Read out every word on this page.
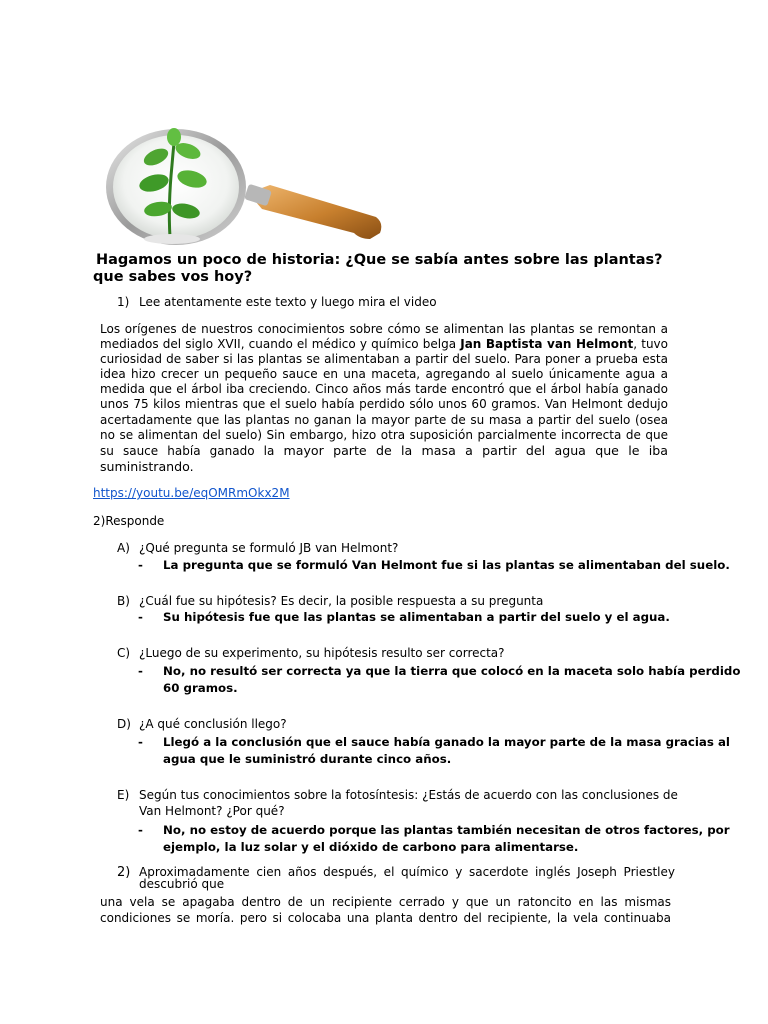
Hagamos un poco de historia: ¿Que se sabía antes sobre las plantas?
que sabes vos hoy?
1) Lee atentamente este texto y luego mira el video

Los orígenes de nuestros conocimientos sobre cómo se alimentan las plantas se remontan a mediados del siglo XVII, cuando el médico y químico belga Jan Baptista van Helmont, tuvo curiosidad de saber si las plantas se alimentaban a partir del suelo. Para poner a prueba esta idea hizo crecer un pequeño sauce en una maceta, agregando al suelo únicamente agua a medida que el árbol iba creciendo. Cinco años más tarde encontró que el árbol había ganado unos 75 kilos mientras que el suelo había perdido sólo unos 60 gramos. Van Helmont dedujo acertadamente que las plantas no ganan la mayor parte de su masa a partir del suelo (osea no se alimentan del suelo) Sin embargo, hizo otra suposición parcialmente incorrecta de que su sauce había ganado la mayor parte de la masa a partir del agua que le iba suministrando.

https://youtu.be/eqOMRmOkx2M
2)Responde
A) ¿Qué pregunta se formuló JB van Helmont?
- La pregunta que se formuló Van Helmont fue si las plantas se alimentaban del suelo.
B) ¿Cuál fue su hipótesis? Es decir, la posible respuesta a su pregunta
- Su hipótesis fue que las plantas se alimentaban a partir del suelo y el agua.
C) ¿Luego de su experimento, su hipótesis resulto ser correcta?
- No, no resultó ser correcta ya que la tierra que colocó en la maceta solo había perdido
60 gramos.
D) ¿A qué conclusión llego?
- Llegó a la conclusión que el sauce había ganado la mayor parte de la masa gracias al
agua que le suministró durante cinco años.
E) Según tus conocimientos sobre la fotosíntesis: ¿Estás de acuerdo con las conclusiones de
Van Helmont? ¿Por qué?
- No, no estoy de acuerdo porque las plantas también necesitan de otros factores, por
ejemplo, la luz solar y el dióxido de carbono para alimentarse.
2) Aproximadamente cien años después, el químico y sacerdote inglés Joseph Priestley
descubrió que

una vela se apagaba dentro de un recipiente cerrado y que un ratoncito en las mismas
condiciones se moría. pero si colocaba una planta dentro del recipiente, la vela continuaba
